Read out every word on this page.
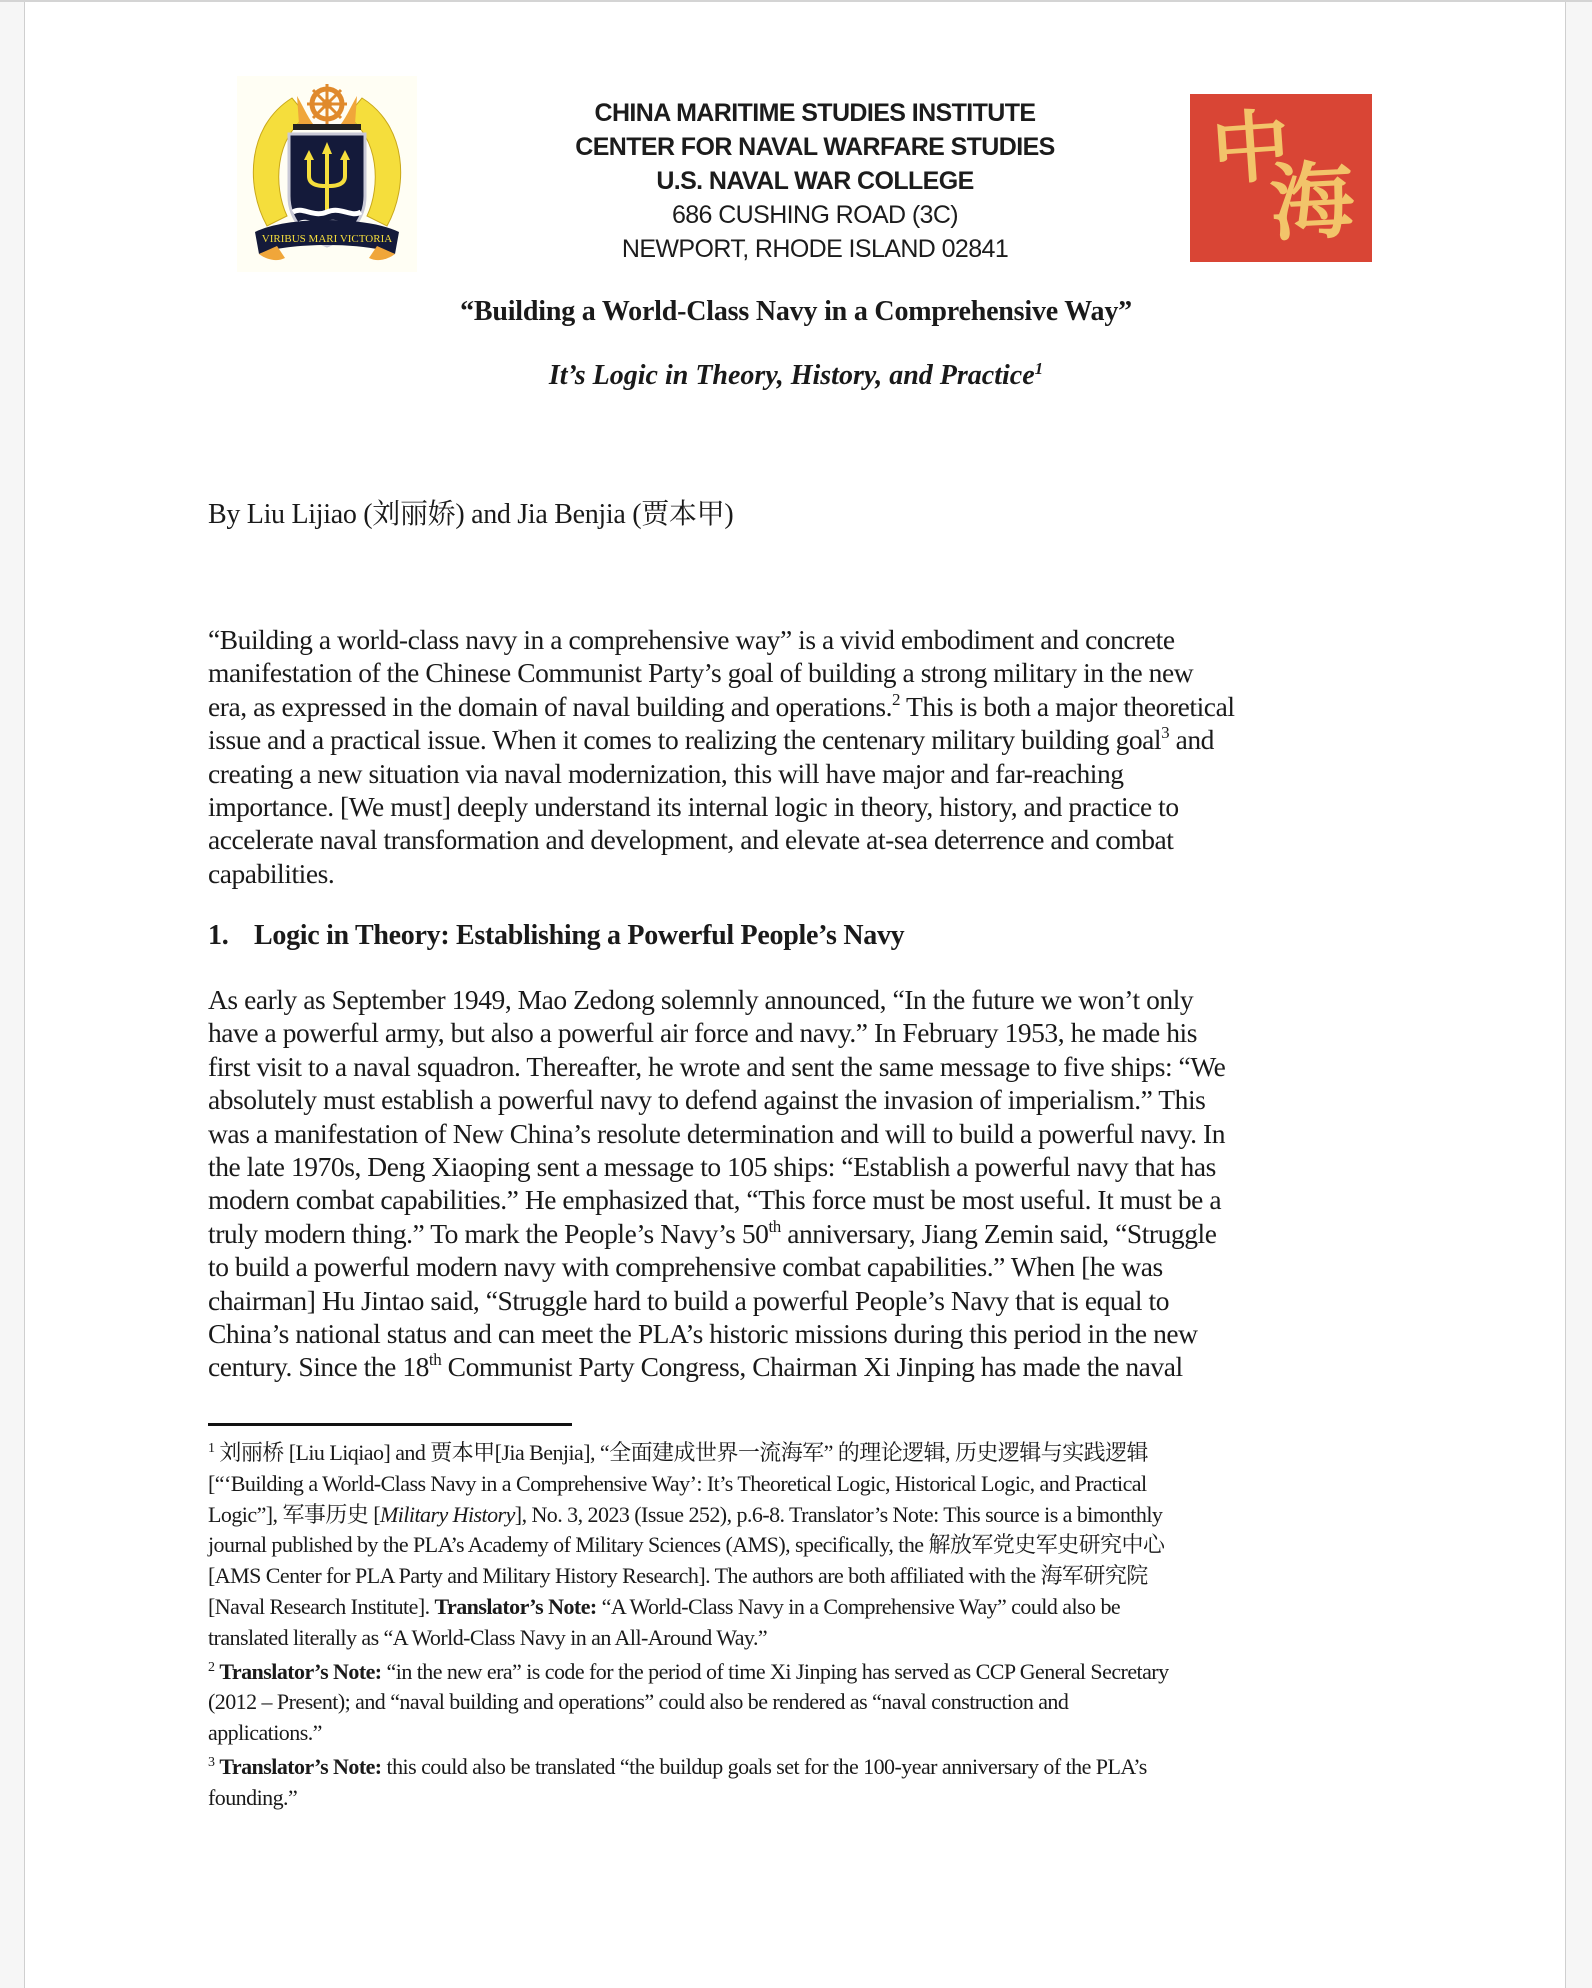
VIRIBUS MARI VICTORIA
CHINA MARITIME STUDIES INSTITUTE
CENTER FOR NAVAL WARFARE STUDIES
U.S. NAVAL WAR COLLEGE
686 CUSHING ROAD (3C)
NEWPORT, RHODE ISLAND 02841
中
海
“Building a World-Class Navy in a Comprehensive Way”
It’s Logic in Theory, History, and Practice$^1$
By Liu Lijiao (刘丽娇) and Jia Benjia (贾本甲)
“Building a world-class navy in a comprehensive way” is a vivid embodiment and concrete
manifestation of the Chinese Communist Party’s goal of building a strong military in the new
era, as expressed in the domain of naval building and operations.$^2$ This is both a major theoretical
issue and a practical issue. When it comes to realizing the centenary military building goal$^3$ and
creating a new situation via naval modernization, this will have major and far-reaching
importance. [We must] deeply understand its internal logic in theory, history, and practice to
accelerate naval transformation and development, and elevate at-sea deterrence and combat
capabilities.
1. Logic in Theory: Establishing a Powerful People’s Navy
As early as September 1949, Mao Zedong solemnly announced, “In the future we won’t only
have a powerful army, but also a powerful air force and navy.” In February 1953, he made his
first visit to a naval squadron. Thereafter, he wrote and sent the same message to five ships: “We
absolutely must establish a powerful navy to defend against the invasion of imperialism.” This
was a manifestation of New China’s resolute determination and will to build a powerful navy. In
the late 1970s, Deng Xiaoping sent a message to 105 ships: “Establish a powerful navy that has
modern combat capabilities.” He emphasized that, “This force must be most useful. It must be a
truly modern thing.” To mark the People’s Navy’s 50th anniversary, Jiang Zemin said, “Struggle
to build a powerful modern navy with comprehensive combat capabilities.” When [he was
chairman] Hu Jintao said, “Struggle hard to build a powerful People’s Navy that is equal to
China’s national status and can meet the PLA’s historic missions during this period in the new
century. Since the 18th Communist Party Congress, Chairman Xi Jinping has made the naval
$^1$ 刘丽桥 [Liu Liqiao] and 贾本甲[Jia Benjia], “全面建成世界一流海军” 的理论逻辑, 历史逻辑与实践逻辑
[“‘Building a World-Class Navy in a Comprehensive Way’: It’s Theoretical Logic, Historical Logic, and Practical
Logic”], 军事历史 [Military History], No. 3, 2023 (Issue 252), p.6-8. Translator’s Note: This source is a bimonthly
journal published by the PLA’s Academy of Military Sciences (AMS), specifically, the 解放军党史军史研究中心
[AMS Center for PLA Party and Military History Research]. The authors are both affiliated with the 海军研究院
[Naval Research Institute]. Translator’s Note: “A World-Class Navy in a Comprehensive Way” could also be
translated literally as “A World-Class Navy in an All-Around Way.”
$^2$ Translator’s Note: “in the new era” is code for the period of time Xi Jinping has served as CCP General Secretary
(2012 – Present); and “naval building and operations” could also be rendered as “naval construction and
applications.”
$^3$ Translator’s Note: this could also be translated “the buildup goals set for the 100-year anniversary of the PLA’s
founding.”
